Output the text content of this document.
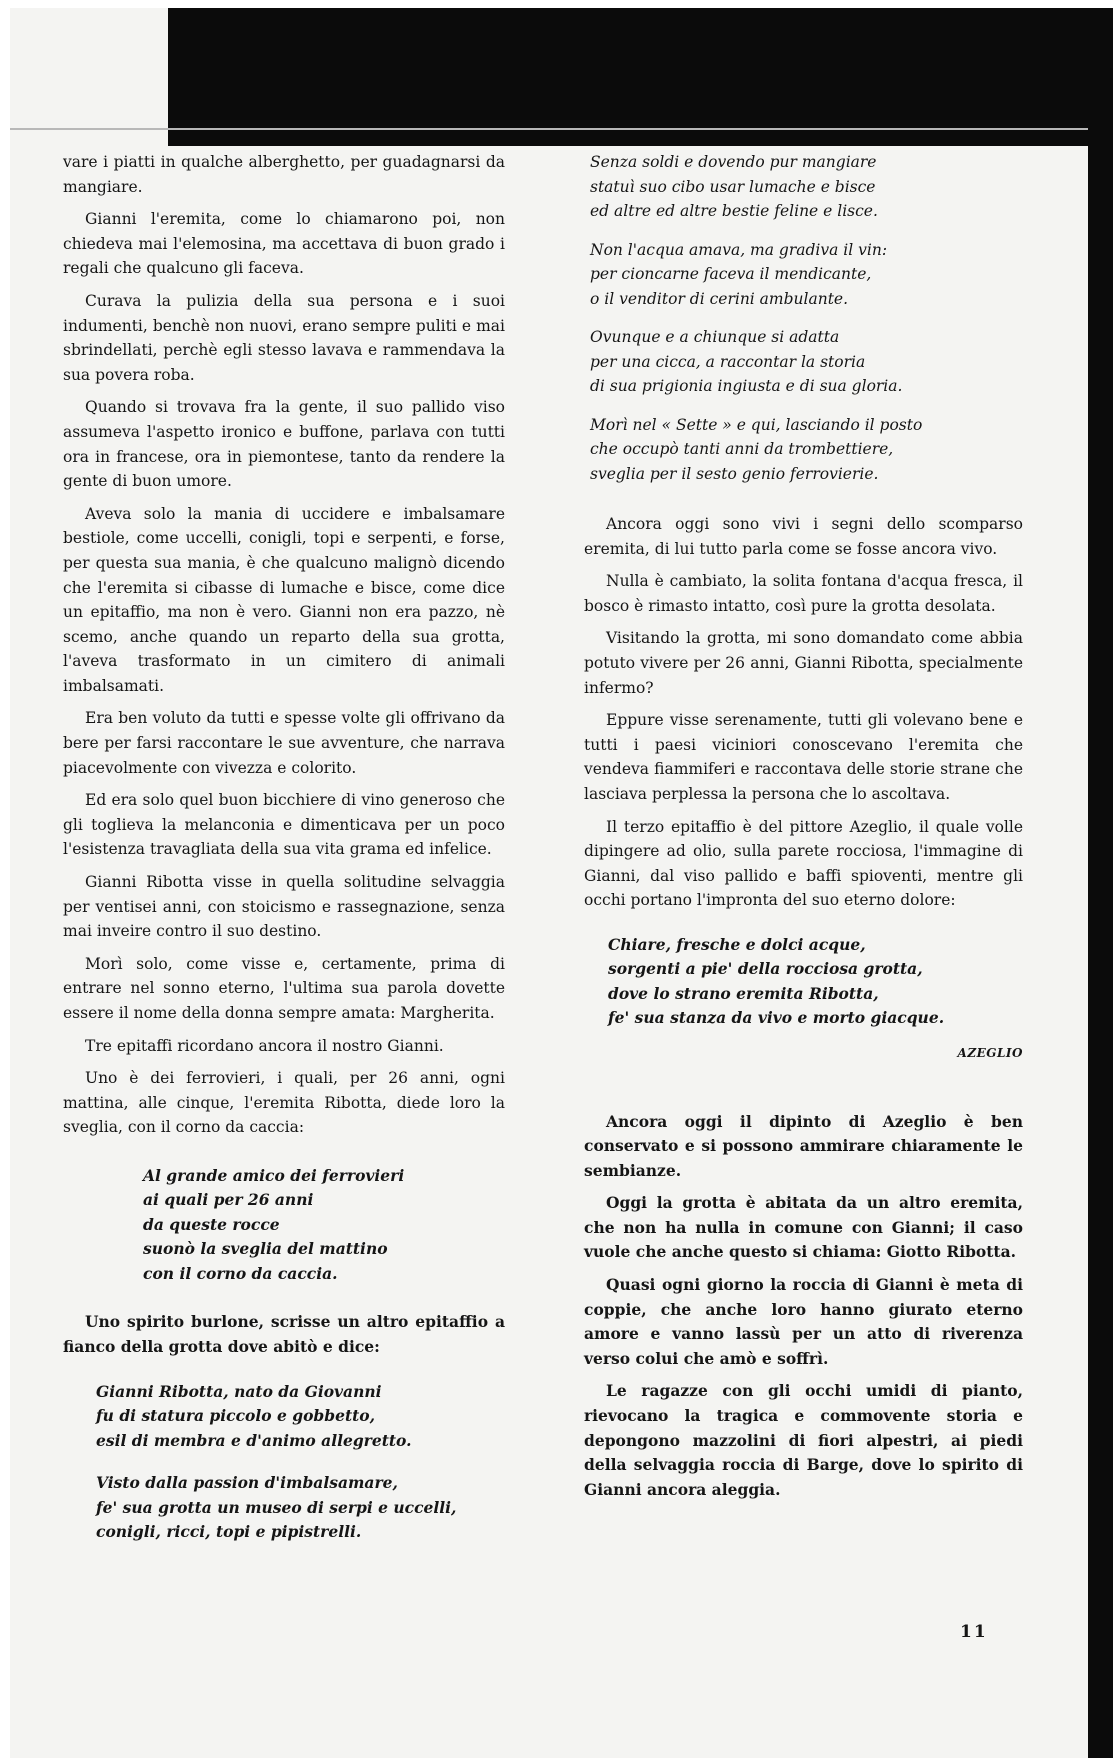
vare i piatti in qualche alberghetto, per guadagnarsi da mangiare.

Gianni l'eremita, come lo chiamarono poi, non chiedeva mai l'elemosina, ma accettava di buon grado i regali che qualcuno gli faceva.

Curava la pulizia della sua persona e i suoi indumenti, benchè non nuovi, erano sempre puliti e mai sbrindellati, perchè egli stesso lavava e rammendava la sua povera roba.

Quando si trovava fra la gente, il suo pallido viso assumeva l'aspetto ironico e buffone, parlava con tutti ora in francese, ora in piemontese, tanto da rendere la gente di buon umore.

Aveva solo la mania di uccidere e imbalsamare bestiole, come uccelli, conigli, topi e serpenti, e forse, per questa sua mania, è che qualcuno malignò dicendo che l'eremita si cibasse di lumache e bisce, come dice un epitaffio, ma non è vero. Gianni non era pazzo, nè scemo, anche quando un reparto della sua grotta, l'aveva trasformato in un cimitero di animali imbalsamati.

Era ben voluto da tutti e spesse volte gli offrivano da bere per farsi raccontare le sue avventure, che narrava piacevolmente con vivezza e colorito.

Ed era solo quel buon bicchiere di vino generoso che gli toglieva la melanconia e dimenticava per un poco l'esistenza travagliata della sua vita grama ed infelice.

Gianni Ribotta visse in quella solitudine selvaggia per ventisei anni, con stoicismo e rassegnazione, senza mai inveire contro il suo destino.

Morì solo, come visse e, certamente, prima di entrare nel sonno eterno, l'ultima sua parola dovette essere il nome della donna sempre amata: Margherita.

Tre epitaffi ricordano ancora il nostro Gianni.

Uno è dei ferrovieri, i quali, per 26 anni, ogni mattina, alle cinque, l'eremita Ribotta, diede loro la sveglia, con il corno da caccia:

Al grande amico dei ferrovieri
ai quali per 26 anni
da queste rocce
suonò la sveglia del mattino
con il corno da caccia.

Uno spirito burlone, scrisse un altro epitaffio a fianco della grotta dove abitò e dice:

Gianni Ribotta, nato da Giovanni
fu di statura piccolo e gobbetto,
esil di membra e d'animo allegretto.
Visto dalla passion d'imbalsamare,
fe' sua grotta un museo di serpi e uccelli,
conigli, ricci, topi e pipistrelli.
Senza soldi e dovendo pur mangiare
statuì suo cibo usar lumache e bisce
ed altre ed altre bestie feline e lisce.
Non l'acqua amava, ma gradiva il vin:
per cioncarne faceva il mendicante,
o il venditor di cerini ambulante.
Ovunque e a chiunque si adatta
per una cicca, a raccontar la storia
di sua prigionia ingiusta e di sua gloria.
Morì nel « Sette » e qui, lasciando il posto
che occupò tanti anni da trombettiere,
sveglia per il sesto genio ferrovierie.

Ancora oggi sono vivi i segni dello scomparso eremita, di lui tutto parla come se fosse ancora vivo.

Nulla è cambiato, la solita fontana d'acqua fresca, il bosco è rimasto intatto, così pure la grotta desolata.

Visitando la grotta, mi sono domandato come abbia potuto vivere per 26 anni, Gianni Ribotta, specialmente infermo?

Eppure visse serenamente, tutti gli volevano bene e tutti i paesi viciniori conoscevano l'eremita che vendeva fiammiferi e raccontava delle storie strane che lasciava perplessa la persona che lo ascoltava.

Il terzo epitaffio è del pittore Azeglio, il quale volle dipingere ad olio, sulla parete rocciosa, l'immagine di Gianni, dal viso pallido e baffi spioventi, mentre gli occhi portano l'impronta del suo eterno dolore:

Chiare, fresche e dolci acque,
sorgenti a pie' della rocciosa grotta,
dove lo strano eremita Ribotta,
fe' sua stanza da vivo e morto giacque.
AZEGLIO

Ancora oggi il dipinto di Azeglio è ben conservato e si possono ammirare chiaramente le sembianze.

Oggi la grotta è abitata da un altro eremita, che non ha nulla in comune con Gianni; il caso vuole che anche questo si chiama: Giotto Ribotta.

Quasi ogni giorno la roccia di Gianni è meta di coppie, che anche loro hanno giurato eterno amore e vanno lassù per un atto di riverenza verso colui che amò e soffrì.

Le ragazze con gli occhi umidi di pianto, rievocano la tragica e commovente storia e depongono mazzolini di fiori alpestri, ai piedi della selvaggia roccia di Barge, dove lo spirito di Gianni ancora aleggia.

11
